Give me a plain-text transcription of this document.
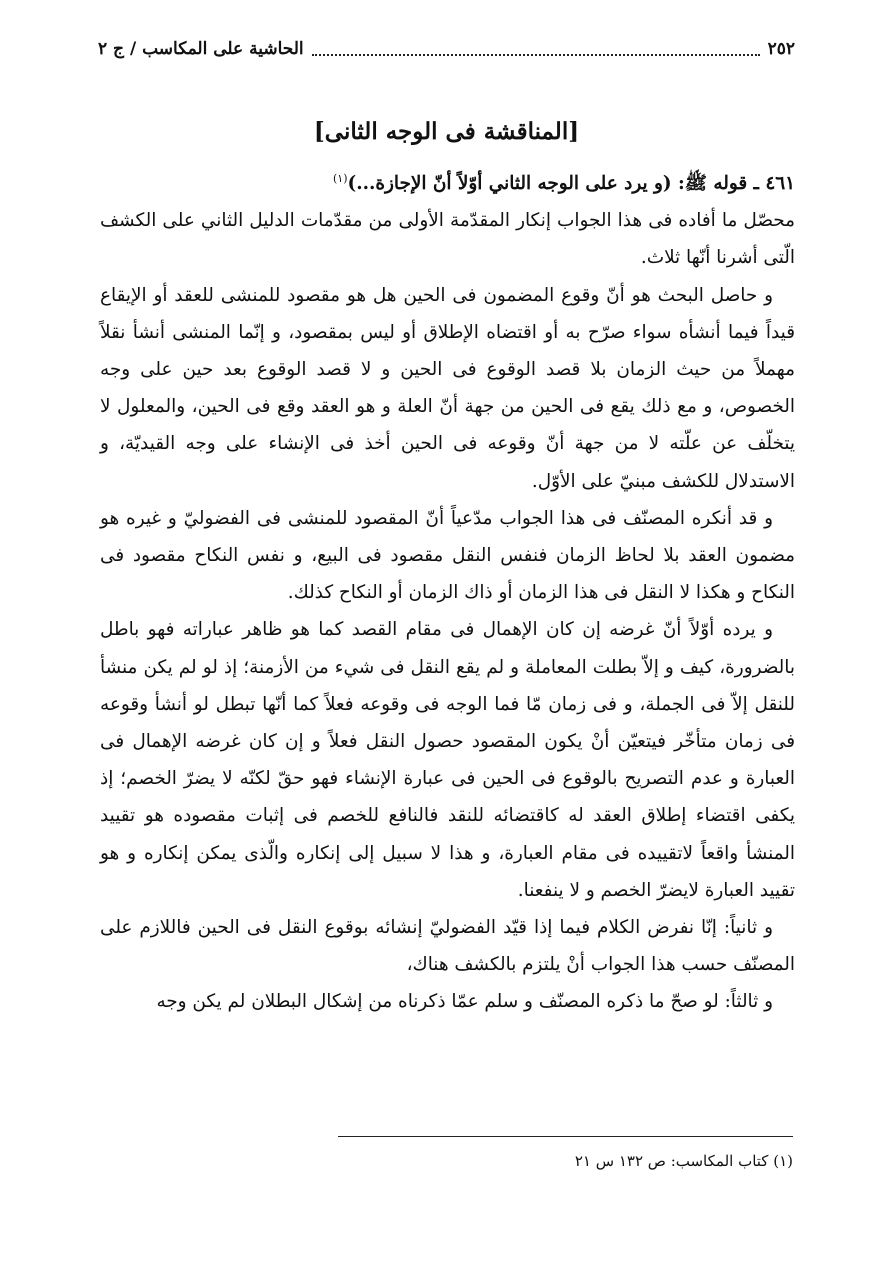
٢٥٢
الحاشية على المكاسب / ج ٢
[المناقشة فى الوجه الثانى]

٤٦١ ـ قوله ﷺ: (و يرد على الوجه الثاني أوّلاً أنّ الإجازة...)$^{(١)}$

محصّل ما أفاده فى هذا الجواب إنكار المقدّمة الأولى من مقدّمات الدليل الثاني على الكشف الّتى أشرنا أنّها ثلاث.

و حاصل البحث هو أنّ وقوع المضمون فى الحين هل هو مقصود للمنشى للعقد أو الإيقاع قيداً فيما أنشأه سواء صرّح به أو اقتضاه الإطلاق أو ليس بمقصود، و إنّما المنشى أنشأ نقلاً مهملاً من حيث الزمان بلا قصد الوقوع فى الحين و لا قصد الوقوع بعد حين على وجه الخصوص، و مع ذلك يقع فى الحين من جهة أنّ العلة و هو العقد وقع فى الحين، والمعلول لا يتخلّف عن علّته لا من جهة أنّ وقوعه فى الحين أخذ فى الإنشاء على وجه القيديّة، و الاستدلال للكشف مبنيّ على الأوّل.

و قد أنكره المصنّف فى هذا الجواب مدّعياً أنّ المقصود للمنشى فى الفضوليّ و غيره هو مضمون العقد بلا لحاظ الزمان فنفس النقل مقصود فى البيع، و نفس النكاح مقصود فى النكاح و هكذا لا النقل فى هذا الزمان أو ذاك الزمان أو النكاح كذلك.

و يرده أوّلاً أنّ غرضه إن كان الإهمال فى مقام القصد كما هو ظاهر عباراته فهو باطل بالضرورة، كيف و إلاّ بطلت المعاملة و لم يقع النقل فى شيء من الأزمنة؛ إذ لو لم يكن منشأ للنقل إلاّ فى الجملة، و فى زمان مّا فما الوجه فى وقوعه فعلاً كما أنّها تبطل لو أنشأ وقوعه فى زمان متأخّر فيتعيّن أنْ يكون المقصود حصول النقل فعلاً و إن كان غرضه الإهمال فى العبارة و عدم التصريح بالوقوع فى الحين فى عبارة الإنشاء فهو حقّ لكنّه لا يضرّ الخصم؛ إذ يكفى اقتضاء إطلاق العقد له كاقتضائه للنقد فالنافع للخصم فى إثبات مقصوده هو تقييد المنشأ واقعاً لاتقييده فى مقام العبارة، و هذا لا سبيل إلى إنكاره والّذى يمكن إنكاره و هو تقييد العبارة لايضرّ الخصم و لا ينفعنا.

و ثانياً: إنّا نفرض الكلام فيما إذا قيّد الفضوليّ إنشائه بوقوع النقل فى الحين فاللازم على المصنّف حسب هذا الجواب أنْ يلتزم بالكشف هناك،

و ثالثاً: لو صحّ ما ذكره المصنّف و سلم عمّا ذكرناه من إشكال البطلان لم يكن وجه

(١) كتاب المكاسب: ص ١٣٢ س ٢١
